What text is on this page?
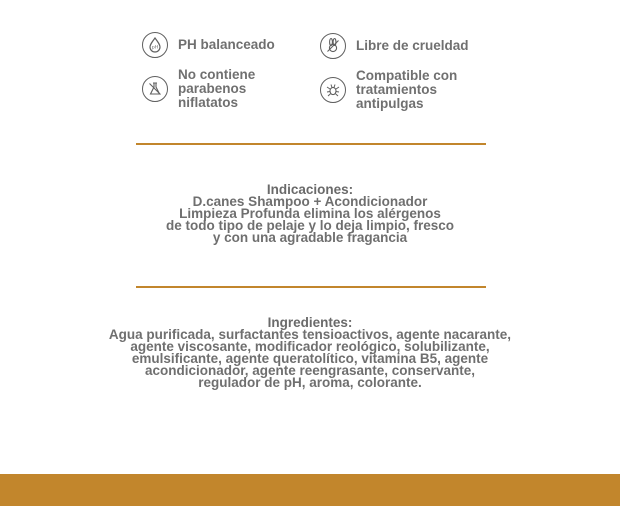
pH PH balanceado	Libre de crueldad
No contiene
parabenos
niflatatos
Compatible con
tratamientos
antipulgas
Indicaciones:
D.canes Shampoo + Acondicionador
Limpieza Profunda elimina los alérgenos
de todo tipo de pelaje y lo deja limpio, fresco
y con una agradable fragancia
Ingredientes:
Agua purificada, surfactantes tensioactivos, agente nacarante,
agente viscosante, modificador reológico, solubilizante,
emulsificante, agente queratolítico, vitamina B5, agente
acondicionador, agente reengrasante, conservante,
regulador de pH, aroma, colorante.
